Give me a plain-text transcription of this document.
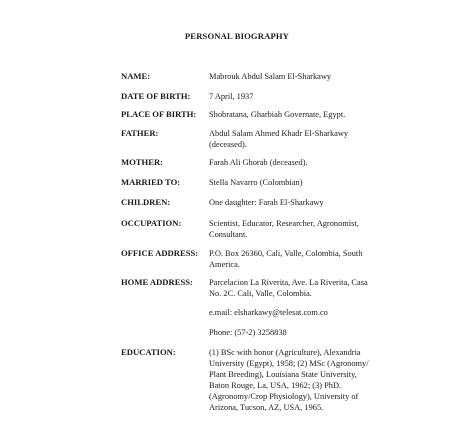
PERSONAL BIOGRAPHY
NAME:	Mabrouk Abdul Salam El-Sharkawy
DATE OF BIRTH: 7 April, 1937
PLACE OF BIRTH: Shobratana, Gharbiah Governate, Egypt.
FATHER:	Abdul Salam Ahmed Khadr El-Sharkawy
(deceased).
MOTHER:	Farah Ali Ghorab (deceased).
MARRIED TO:	Stella Navarro (Colombian)
CHILDREN:	One daughter: Farah El-Sharkawy
OCCUPATION:	Scientist, Educator, Researcher, Agronomist,
Consultant.
OFFICE ADDRESS: P.O. Box 26360, Cali, Valle, Colombia, South
America.
HOME ADDRESS: Parcelacion La Riverita, Ave. La Riverita, Casa
No. 2C. Cali, Valle, Colombia.
e.mail: elsharkawy@telesat.com.co
Phone: (57-2) 3258838
EDUCATION:	(1) BSc with honor (Agriculture), Alexandria
University (Egypt), 1958; (2) MSc (Agronomy/
Plant Breeding), Louisiana State University,
Baton Rouge, La, USA, 1962; (3) PhD.
(Agronomy/Crop Physiology), University of
Arizona, Tucson, AZ, USA, 1965.
